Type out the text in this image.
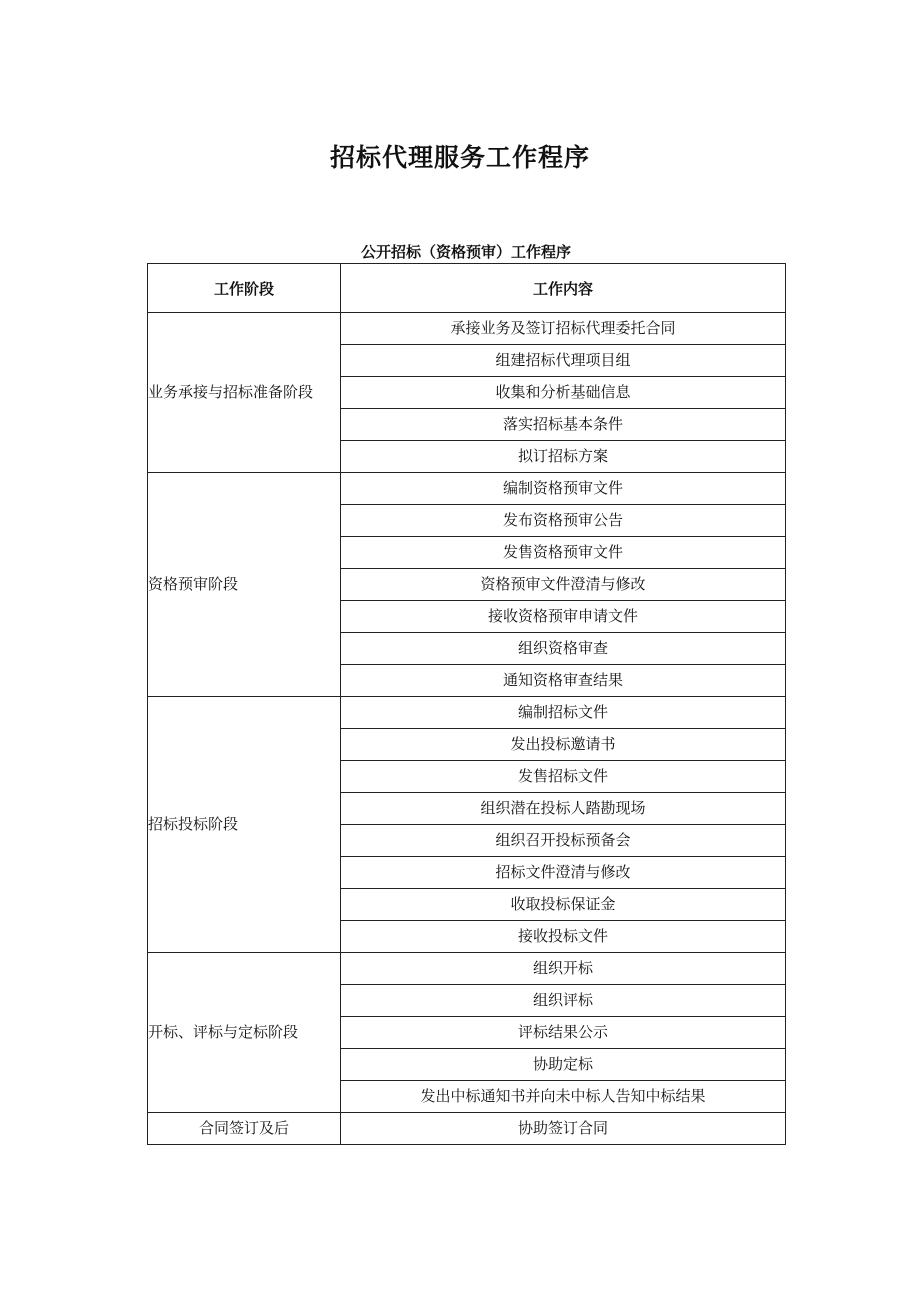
招标代理服务工作程序

公开招标（资格预审）工作程序

工作阶段	工作内容
业务承接与招标准备阶段	承接业务及签订招标代理委托合同
	组建招标代理项目组
	收集和分析基础信息
	落实招标基本条件
	拟订招标方案
资格预审阶段	编制资格预审文件
	发布资格预审公告
	发售资格预审文件
	资格预审文件澄清与修改
	接收资格预审申请文件
	组织资格审查
	通知资格审查结果
招标投标阶段	编制招标文件
	发出投标邀请书
	发售招标文件
	组织潜在投标人踏勘现场
	组织召开投标预备会
	招标文件澄清与修改
	收取投标保证金
	接收投标文件
开标、评标与定标阶段	组织开标
	组织评标
	评标结果公示
	协助定标
	发出中标通知书并向未中标人告知中标结果
合同签订及后	协助签订合同
